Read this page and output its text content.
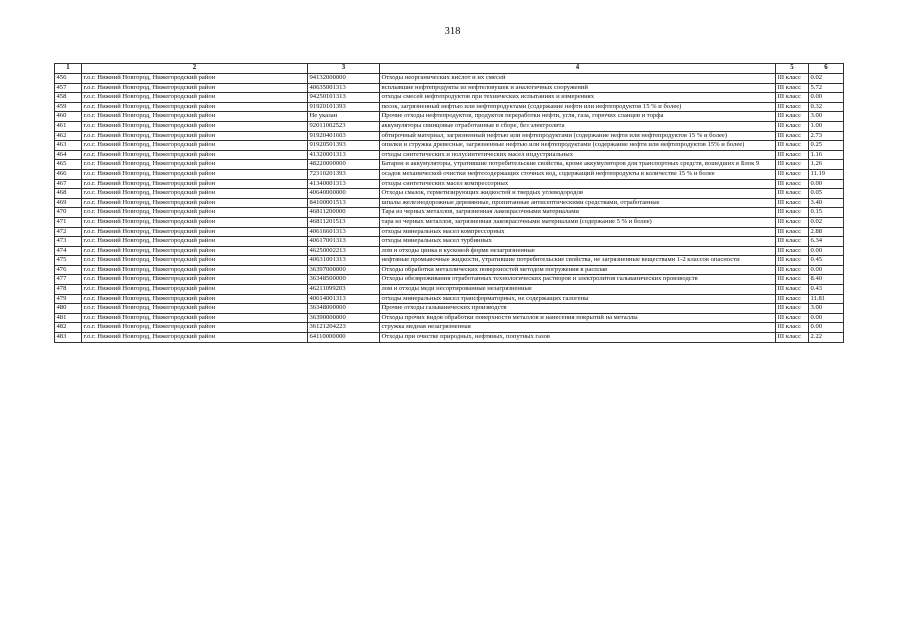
318
1	2	3	4	5	6
456	г.о.г. Нижний Новгород, Нижегородский район	94132000000	Отходы неорганических кислот и их смесей	III класс	0.02
457	г.о.г. Нижний Новгород, Нижегородский район	40635001313	всплывшие нефтепродукты из нефтеловушек и аналогичных сооружений	III класс	5.72
458	г.о.г. Нижний Новгород, Нижегородский район	94250101313	отходы смесей нефтепродуктов при технических испытаниях и измерениях	III класс	0.00
459	г.о.г. Нижний Новгород, Нижегородский район	91920101393	песок, загрязненный нефтью или нефтепродуктами (содержание нефти или нефтепродуктов 15 % и более)	III класс	0.32
460	г.о.г. Нижний Новгород, Нижегородский район	Не указан	Прочие отходы нефтепродуктов, продуктов переработки нефти, угля, газа, горючих сланцев и торфа	III класс	3.00
461	г.о.г. Нижний Новгород, Нижегородский район	92011002523	аккумуляторы свинцовые отработанные в сборе, без электролита	III класс	1.00
462	г.о.г. Нижний Новгород, Нижегородский район	91920401603	обтирочный материал, загрязненный нефтью или нефтепродуктами (содержание нефти или нефтепродуктов 15 % и более)	III класс	2.73
463	г.о.г. Нижний Новгород, Нижегородский район	91920501393	опилки и стружка древесные, загрязненные нефтью или нефтепродуктами (содержание нефти или нефтепродуктов 15% и более)	III класс	0.25
464	г.о.г. Нижний Новгород, Нижегородский район	41320001313	отходы синтетических и полусинтетических масел индустриальных	III класс	1.16
465	г.о.г. Нижний Новгород, Нижегородский район	48220000000	Батареи и аккумуляторы, утратившие потребительские свойства, кроме аккумуляторов для транспортных средств, вошедших в Блок 9	III класс	1.26
466	г.о.г. Нижний Новгород, Нижегородский район	72310201393	осадок механической очистки нефтесодержащих сточных вод, содержащий нефтепродукты в количестве 15 % и более	III класс	11.19
467	г.о.г. Нижний Новгород, Нижегородский район	41340001313	отходы синтетических масел компрессорных	III класс	0.00
468	г.о.г. Нижний Новгород, Нижегородский район	40640000000	Отходы смазок, герметизирующих жидкостей и твердых углеводородов	III класс	0.05
469	г.о.г. Нижний Новгород, Нижегородский район	84100001513	шпалы железнодорожные деревянные, пропитанные антисептическими средствами, отработанные	III класс	3.40
470	г.о.г. Нижний Новгород, Нижегородский район	46811200000	Тара из черных металлов, загрязненная лакокрасочными материалами	III класс	0.15
471	г.о.г. Нижний Новгород, Нижегородский район	46811201513	тара из черных металлов, загрязненная лакокрасочными материалами (содержание 5 % и более)	III класс	0.02
472	г.о.г. Нижний Новгород, Нижегородский район	40616601313	отходы минеральных масел компрессорных	III класс	2.88
473	г.о.г. Нижний Новгород, Нижегородский район	40617001313	отходы минеральных масел турбинных	III класс	6.34
474	г.о.г. Нижний Новгород, Нижегородский район	46250002213	лом и отходы цинка в кусковой форме незагрязненные	III класс	0.00
475	г.о.г. Нижний Новгород, Нижегородский район	40631001313	нефтяные промывочные жидкости, утратившие потребительские свойства, не загрязненные веществами 1-2 классов опасности	III класс	0.45
476	г.о.г. Нижний Новгород, Нижегородский район	36397000000	Отходы обработки металлических поверхностей методом погружения в расплав	III класс	0.00
477	г.о.г. Нижний Новгород, Нижегородский район	36348500000	Отходы обезвреживания отработанных технологических растворов и электролитов гальванических производств	III класс	8.40
478	г.о.г. Нижний Новгород, Нижегородский район	46211099203	лом и отходы меди несортированные незагрязненные	III класс	0.43
479	г.о.г. Нижний Новгород, Нижегородский район	40614001313	отходы минеральных масел трансформаторных, не содержащих галогены	III класс	11.81
480	г.о.г. Нижний Новгород, Нижегородский район	36348000000	Прочие отходы гальванических производств	III класс	3.00
481	г.о.г. Нижний Новгород, Нижегородский район	36390000000	Отходы прочих видов обработки поверхности металлов и нанесения покрытий на металлы	III класс	0.00
482	г.о.г. Нижний Новгород, Нижегородский район	36121204223	стружка медная незагрязненная	III класс	0.00
483	г.о.г. Нижний Новгород, Нижегородский район	64110000000	Отходы при очистке природных, нефтяных, попутных газов	III класс	2.22
